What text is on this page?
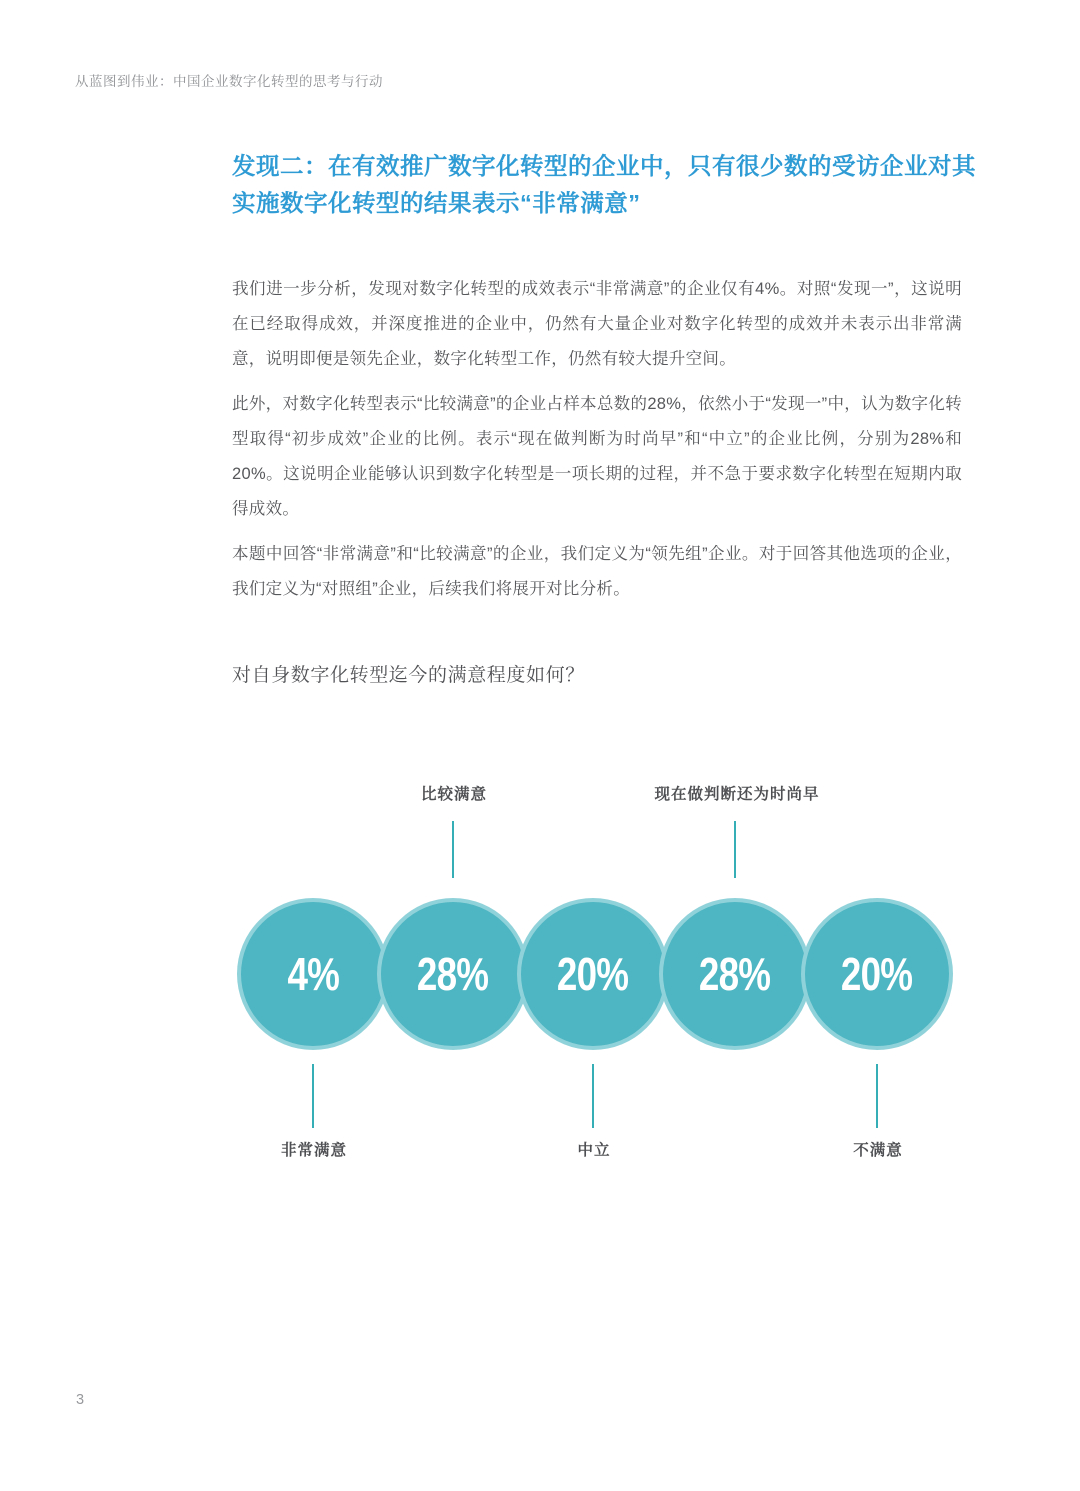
从蓝图到伟业：中国企业数字化转型的思考与行动
发现二：在有效推广数字化转型的企业中，只有很少数的受访企业对其实施数字化转型的结果表示“非常满意”

我们进一步分析，发现对数字化转型的成效表示“非常满意”的企业仅有4%。对照“发现一”，这说明在已经取得成效，并深度推进的企业中，仍然有大量企业对数字化转型的成效并未表示出非常满意，说明即便是领先企业，数字化转型工作，仍然有较大提升空间。

此外，对数字化转型表示“比较满意”的企业占样本总数的28%，依然小于“发现一”中，认为数字化转型取得“初步成效”企业的比例。表示“现在做判断为时尚早”和“中立”的企业比例，分别为28%和20%。这说明企业能够认识到数字化转型是一项长期的过程，并不急于要求数字化转型在短期内取得成效。

本题中回答“非常满意”和“比较满意”的企业，我们定义为“领先组”企业。对于回答其他选项的企业，我们定义为“对照组”企业，后续我们将展开对比分析。

对自身数字化转型迄今的满意程度如何？
比较满意	现在做判断还为时尚早
4% 28% 20% 28% 20%
非常满意	中立	不满意
3
